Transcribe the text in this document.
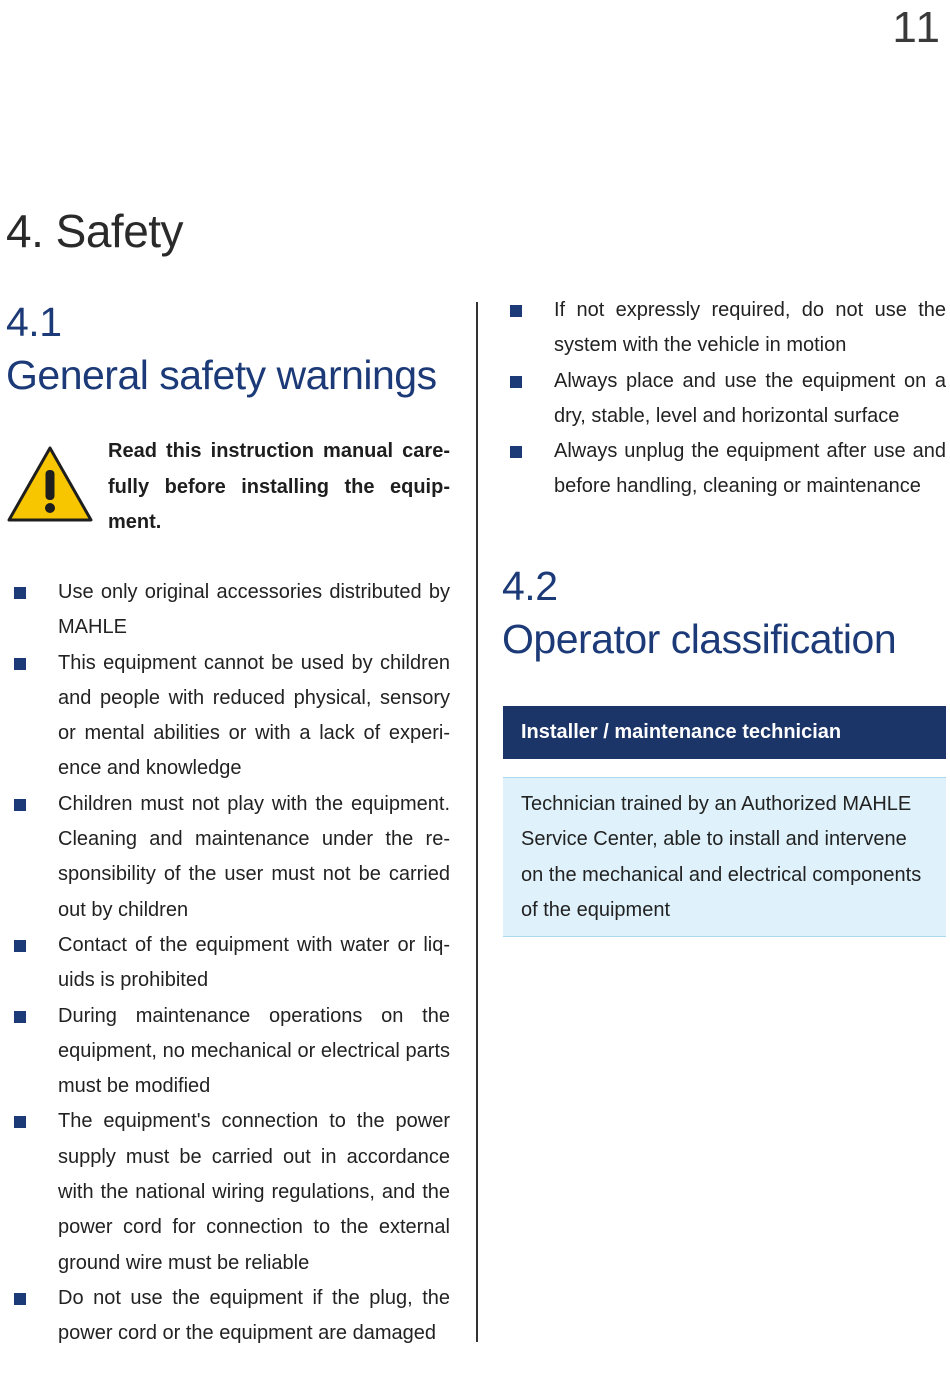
11
4. Safety
4.1
General safety warnings

Read this instruction manual carefully before installing the equipment.

Use only original accessories distributed by MAHLE
This equipment cannot be used by children and people with reduced physical, sensory or mental abilities or with a lack of experience and knowledge
Children must not play with the equipment. Cleaning and maintenance under the responsibility of the user must not be carried out by children
Contact of the equipment with water or liquids is prohibited
During maintenance operations on the equipment, no mechanical or electrical parts must be modified
The equipment's connection to the power supply must be carried out in accordance with the national wiring regulations, and the power cord for connection to the external ground wire must be reliable
Do not use the equipment if the plug, the power cord or the equipment are damaged
If not expressly required, do not use the system with the vehicle in motion
Always place and use the equipment on a dry, stable, level and horizontal surface
Always unplug the equipment after use and before handling, cleaning or maintenance
4.2
Operator classification
Installer / maintenance technician
Technician trained by an Authorized MAHLE Service Center, able to install and intervene on the mechanical and electrical components of the equipment
